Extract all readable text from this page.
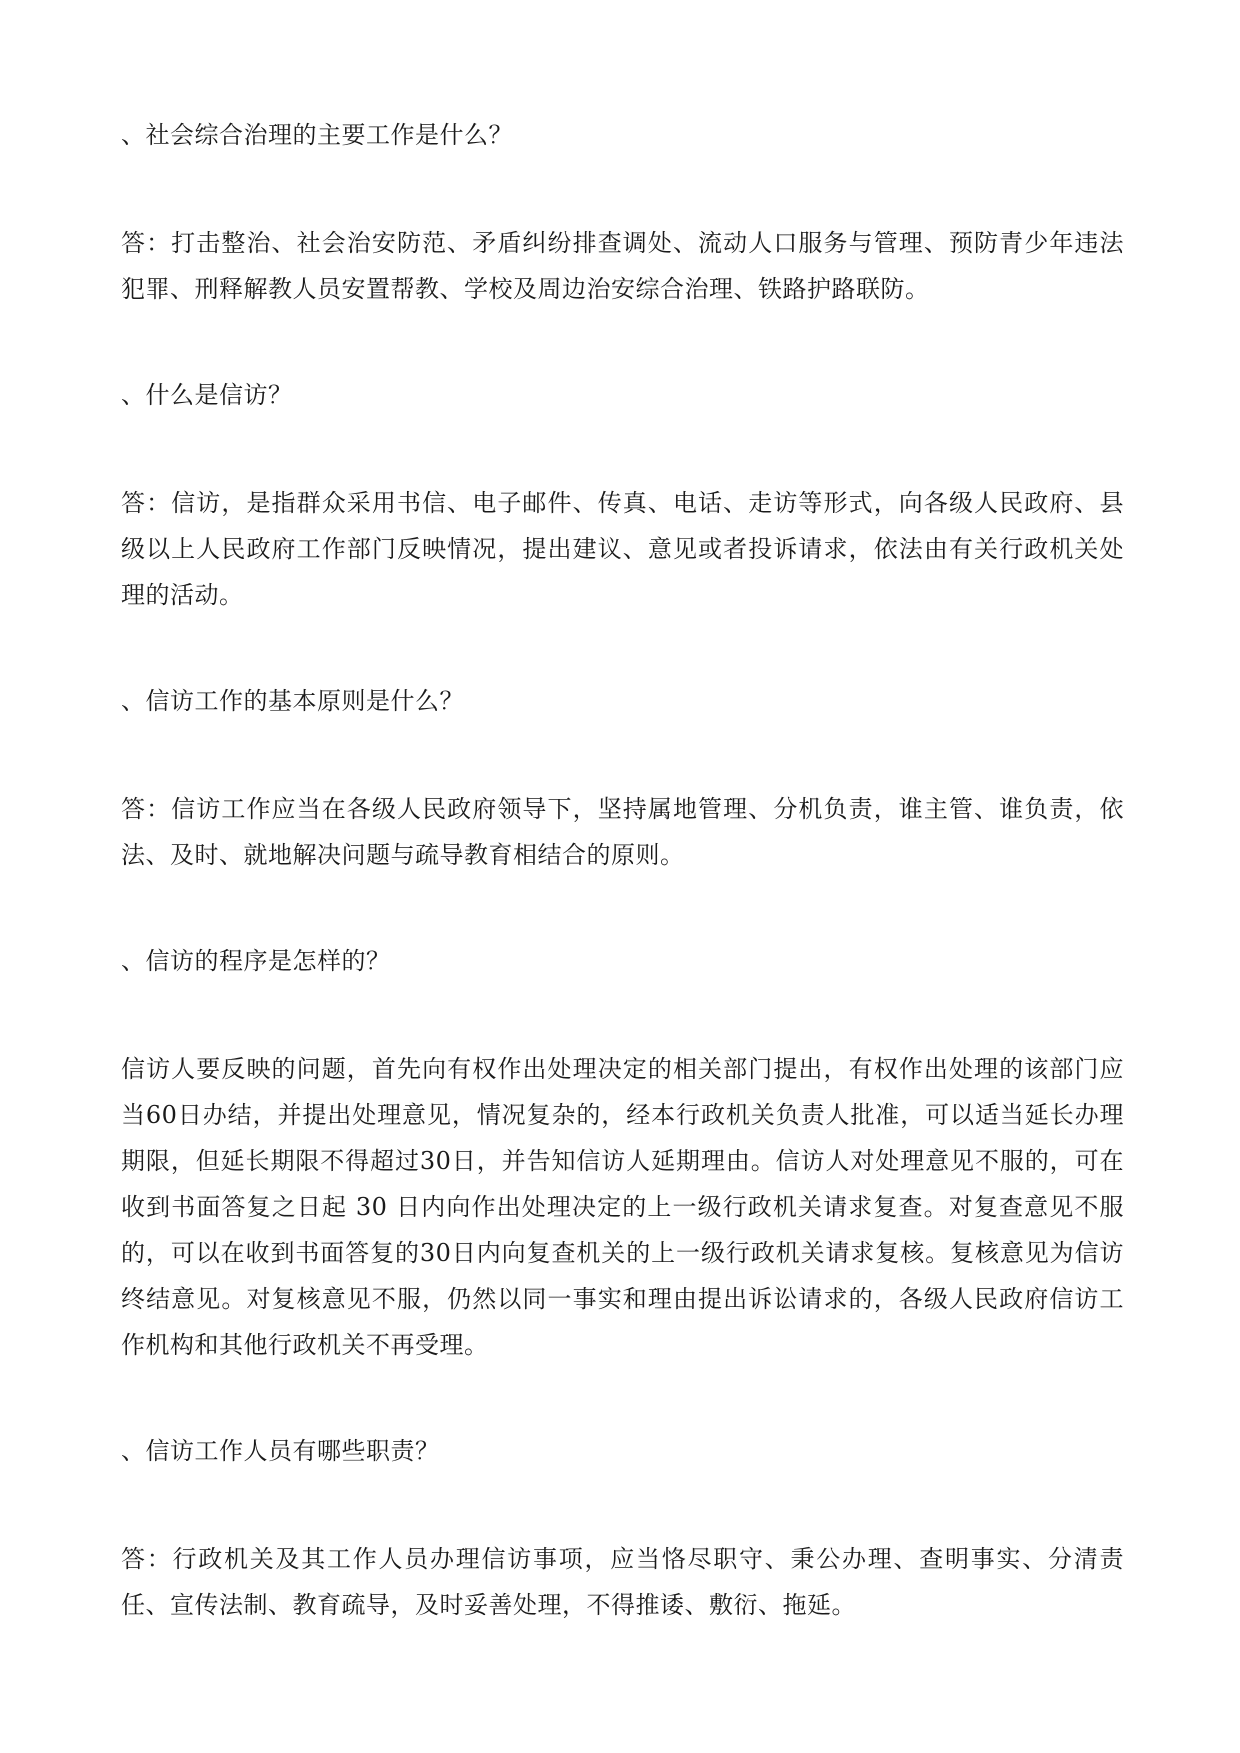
、社会综合治理的主要工作是什么？

答：打击整治、社会治安防范、矛盾纠纷排查调处、流动人口服务与管理、预防青少年违法犯罪、刑释解教人员安置帮教、学校及周边治安综合治理、铁路护路联防。

、什么是信访？

答：信访，是指群众采用书信、电子邮件、传真、电话、走访等形式，向各级人民政府、县级以上人民政府工作部门反映情况，提出建议、意见或者投诉请求，依法由有关行政机关处理的活动。

、信访工作的基本原则是什么？

答：信访工作应当在各级人民政府领导下，坚持属地管理、分机负责，谁主管、谁负责，依法、及时、就地解决问题与疏导教育相结合的原则。

、信访的程序是怎样的？

信访人要反映的问题，首先向有权作出处理决定的相关部门提出，有权作出处理的该部门应当60日办结，并提出处理意见，情况复杂的，经本行政机关负责人批准，可以适当延长办理期限，但延长期限不得超过30日，并告知信访人延期理由。信访人对处理意见不服的，可在收到书面答复之日起 30 日内向作出处理决定的上一级行政机关请求复查。对复查意见不服的，可以在收到书面答复的30日内向复查机关的上一级行政机关请求复核。复核意见为信访终结意见。对复核意见不服，仍然以同一事实和理由提出诉讼请求的，各级人民政府信访工作机构和其他行政机关不再受理。

、信访工作人员有哪些职责？

答：行政机关及其工作人员办理信访事项，应当恪尽职守、秉公办理、查明事实、分清责任、宣传法制、教育疏导，及时妥善处理，不得推诿、敷衍、拖延。
